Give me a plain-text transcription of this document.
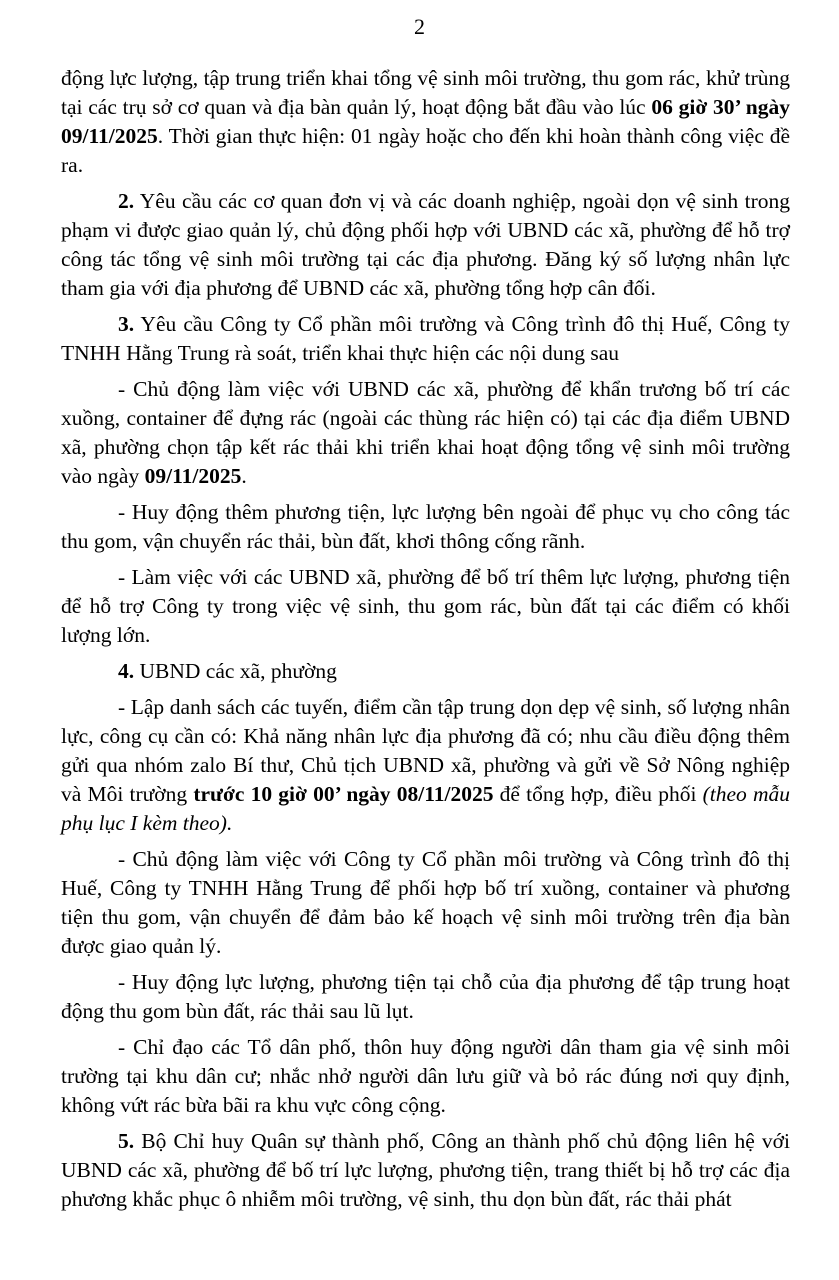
2

động lực lượng, tập trung triển khai tổng vệ sinh môi trường, thu gom rác, khử trùng tại các trụ sở cơ quan và địa bàn quản lý, hoạt động bắt đầu vào lúc 06 giờ 30’ ngày 09/11/2025. Thời gian thực hiện: 01 ngày hoặc cho đến khi hoàn thành công việc đề ra.

2. Yêu cầu các cơ quan đơn vị và các doanh nghiệp, ngoài dọn vệ sinh trong phạm vi được giao quản lý, chủ động phối hợp với UBND các xã, phường để hỗ trợ công tác tổng vệ sinh môi trường tại các địa phương. Đăng ký số lượng nhân lực tham gia với địa phương để UBND các xã, phường tổng hợp cân đối.

3. Yêu cầu Công ty Cổ phần môi trường và Công trình đô thị Huế, Công ty TNHH Hằng Trung rà soát, triển khai thực hiện các nội dung sau

- Chủ động làm việc với UBND các xã, phường để khẩn trương bố trí các xuồng, container để đựng rác (ngoài các thùng rác hiện có) tại các địa điểm UBND xã, phường chọn tập kết rác thải khi triển khai hoạt động tổng vệ sinh môi trường vào ngày 09/11/2025.

- Huy động thêm phương tiện, lực lượng bên ngoài để phục vụ cho công tác thu gom, vận chuyển rác thải, bùn đất, khơi thông cống rãnh.

- Làm việc với các UBND xã, phường để bố trí thêm lực lượng, phương tiện để hỗ trợ Công ty trong việc vệ sinh, thu gom rác, bùn đất tại các điểm có khối lượng lớn.

4. UBND các xã, phường

- Lập danh sách các tuyến, điểm cần tập trung dọn dẹp vệ sinh, số lượng nhân lực, công cụ cần có: Khả năng nhân lực địa phương đã có; nhu cầu điều động thêm gửi qua nhóm zalo Bí thư, Chủ tịch UBND xã, phường và gửi về Sở Nông nghiệp và Môi trường trước 10 giờ 00’ ngày 08/11/2025 để tổng hợp, điều phối (theo mẫu phụ lục I kèm theo).

- Chủ động làm việc với Công ty Cổ phần môi trường và Công trình đô thị Huế, Công ty TNHH Hằng Trung để phối hợp bố trí xuồng, container và phương tiện thu gom, vận chuyển để đảm bảo kế hoạch vệ sinh môi trường trên địa bàn được giao quản lý.

- Huy động lực lượng, phương tiện tại chỗ của địa phương để tập trung hoạt động thu gom bùn đất, rác thải sau lũ lụt.

- Chỉ đạo các Tổ dân phố, thôn huy động người dân tham gia vệ sinh môi trường tại khu dân cư; nhắc nhở người dân lưu giữ và bỏ rác đúng nơi quy định, không vứt rác bừa bãi ra khu vực công cộng.

5. Bộ Chỉ huy Quân sự thành phố, Công an thành phố chủ động liên hệ với UBND các xã, phường để bố trí lực lượng, phương tiện, trang thiết bị hỗ trợ các địa phương khắc phục ô nhiễm môi trường, vệ sinh, thu dọn bùn đất, rác thải phát
